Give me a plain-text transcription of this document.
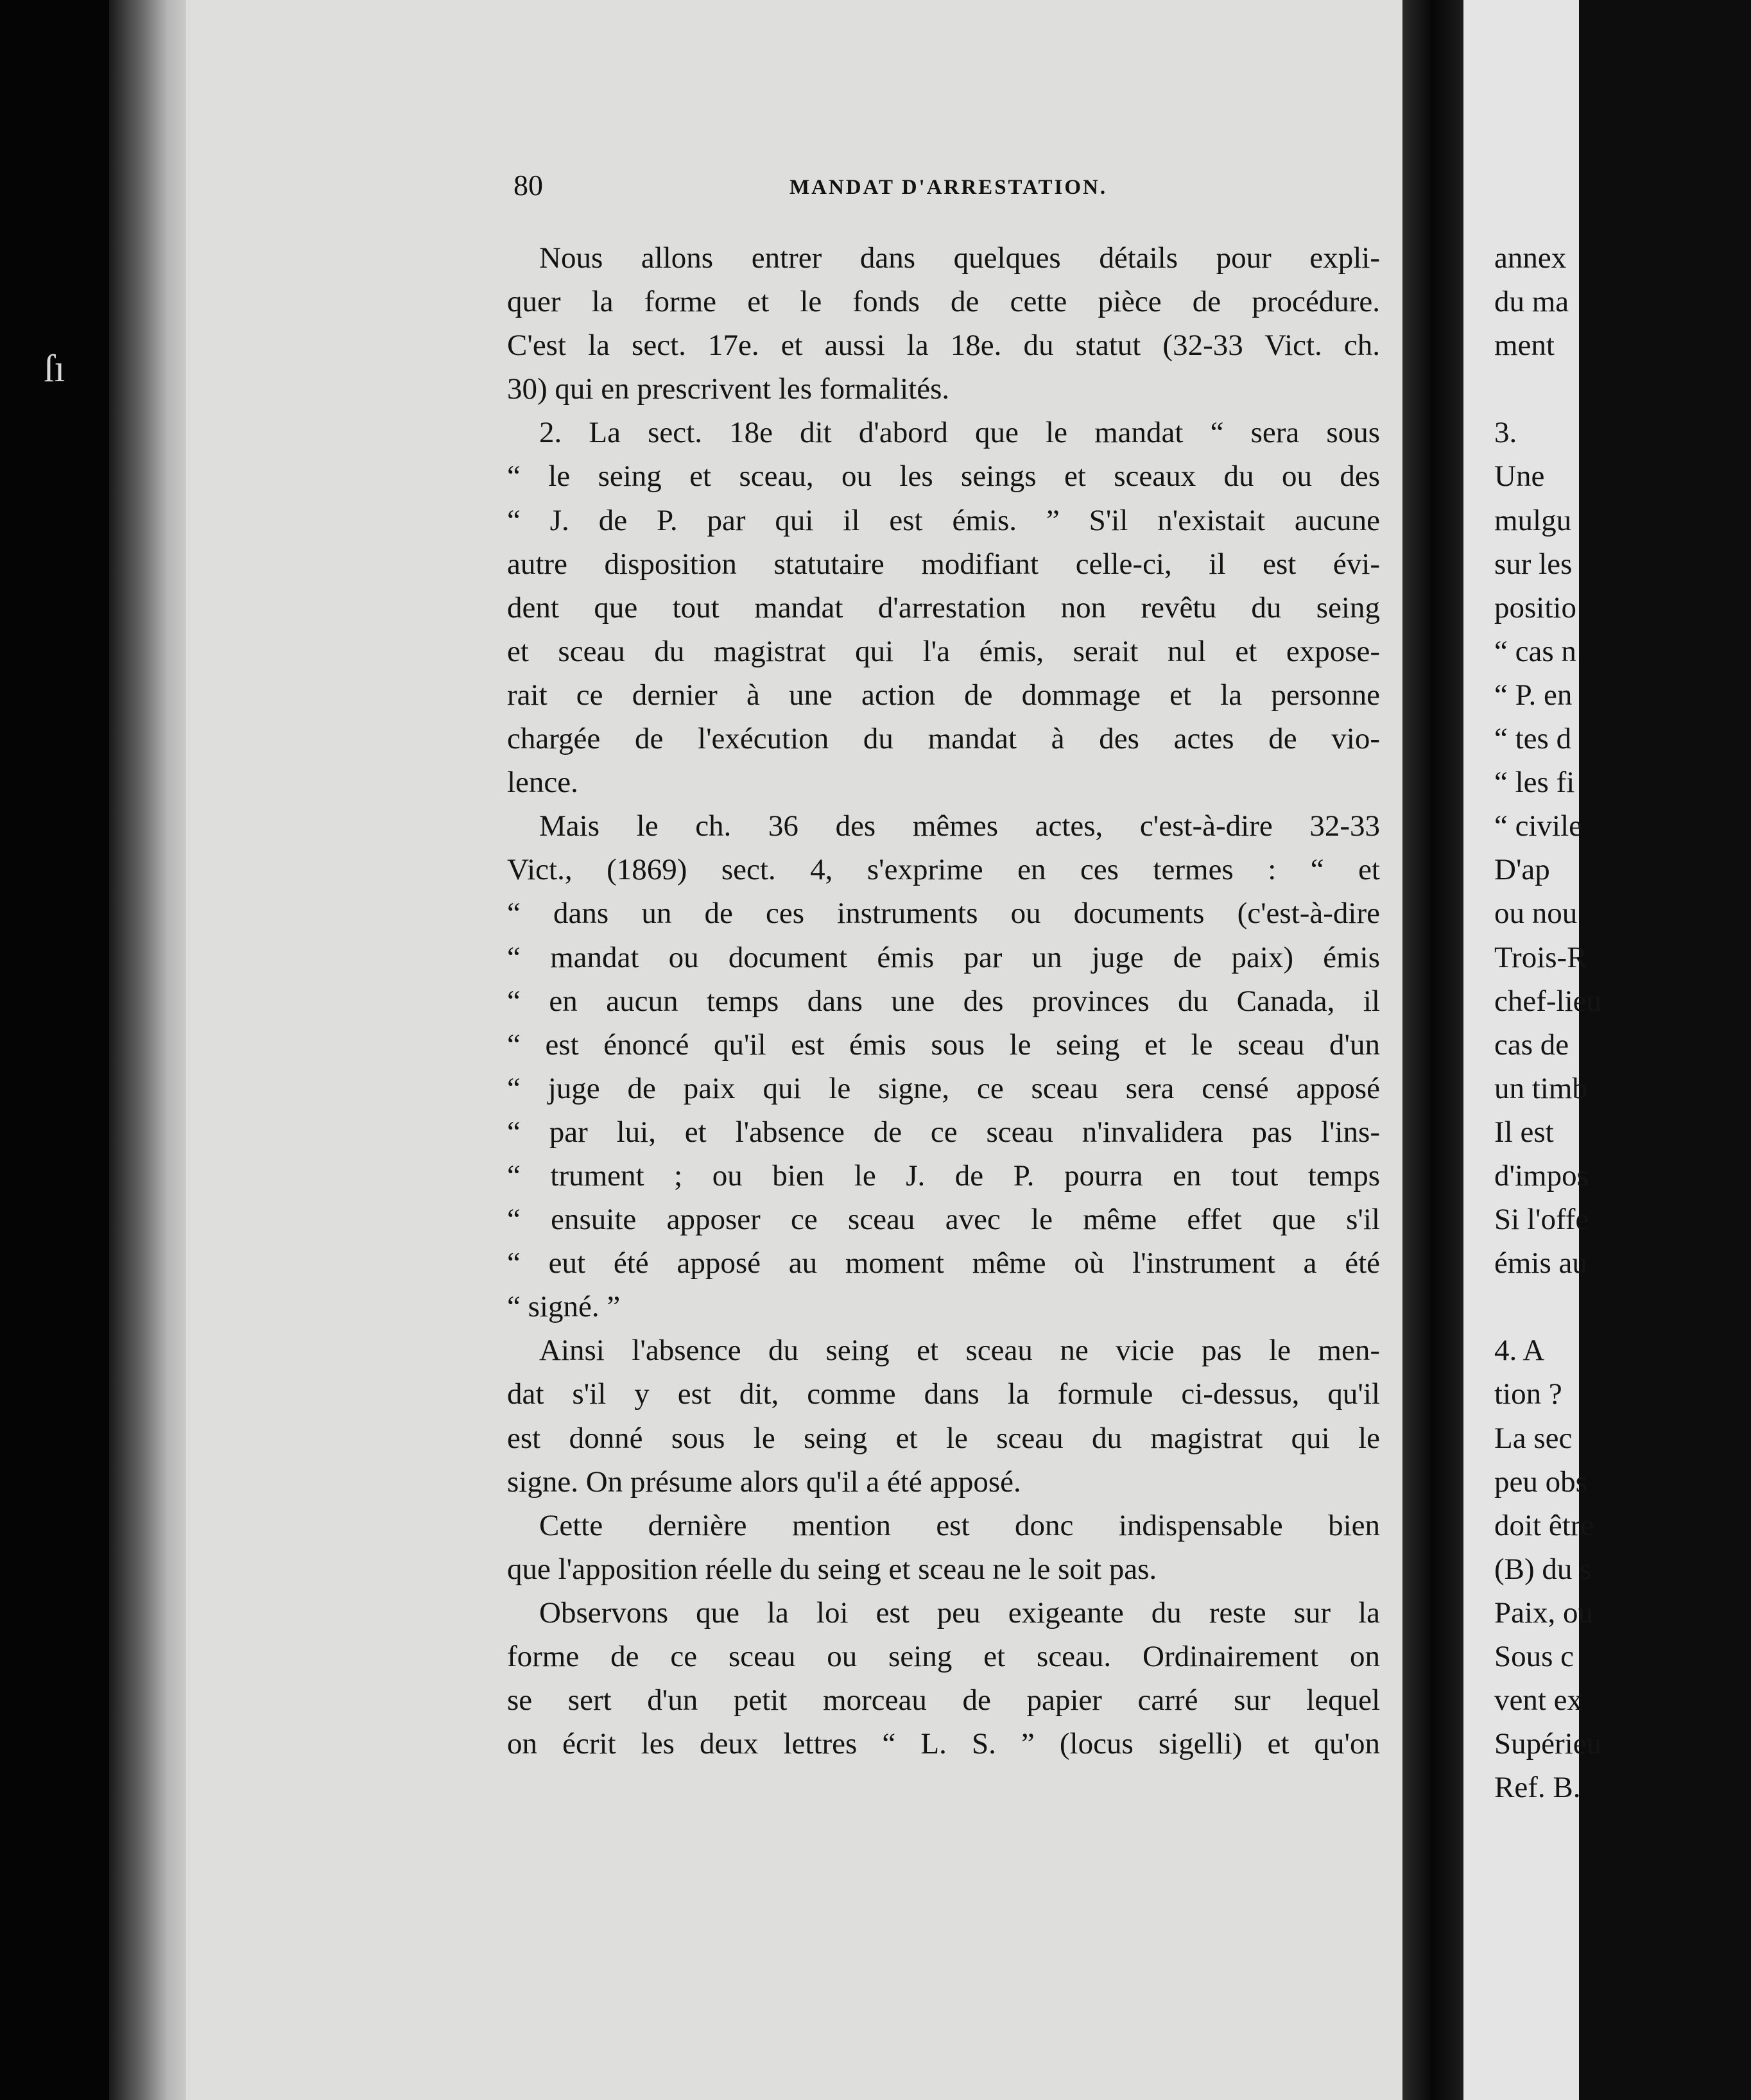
ſı
annex
du ma
ment
3.
Une
mulgu
sur les
positio
“ cas n
“ P. en
“ tes d
“ les fi
“ civile
D'ap
ou nou
Trois-R
chef-lieu
cas de
un timb
Il est
d'impos
Si l'offe
émis au
4. A
tion ?
La sec
peu obs
doit être
(B) du s
Paix, ou
Sous c
vent ex
Supérieu
Ref. B.
80	MANDAT D'ARRESTATION.
Nous allons entrer dans quelques détails pour expli-
quer la forme et le fonds de cette pièce de procédure.
C'est la sect. 17e. et aussi la 18e. du statut (32-33 Vict. ch.
30) qui en prescrivent les formalités.
2. La sect. 18e dit d'abord que le mandat “ sera sous
“ le seing et sceau, ou les seings et sceaux du ou des
“ J. de P. par qui il est émis. ” S'il n'existait aucune
autre disposition statutaire modifiant celle-ci, il est évi-
dent que tout mandat d'arrestation non revêtu du seing
et sceau du magistrat qui l'a émis, serait nul et expose-
rait ce dernier à une action de dommage et la personne
chargée de l'exécution du mandat à des actes de vio-
lence.
Mais le ch. 36 des mêmes actes, c'est-à-dire 32-33
Vict., (1869) sect. 4, s'exprime en ces termes : “ et
“ dans un de ces instruments ou documents (c'est-à-dire
“ mandat ou document émis par un juge de paix) émis
“ en aucun temps dans une des provinces du Canada, il
“ est énoncé qu'il est émis sous le seing et le sceau d'un
“ juge de paix qui le signe, ce sceau sera censé apposé
“ par lui, et l'absence de ce sceau n'invalidera pas l'ins-
“ trument ; ou bien le J. de P. pourra en tout temps
“ ensuite apposer ce sceau avec le même effet que s'il
“ eut été apposé au moment même où l'instrument a été
“ signé. ”
Ainsi l'absence du seing et sceau ne vicie pas le men-
dat s'il y est dit, comme dans la formule ci-dessus, qu'il
est donné sous le seing et le sceau du magistrat qui le
signe. On présume alors qu'il a été apposé.
Cette dernière mention est donc indispensable bien
que l'apposition réelle du seing et sceau ne le soit pas.
Observons que la loi est peu exigeante du reste sur la
forme de ce sceau ou seing et sceau. Ordinairement on
se sert d'un petit morceau de papier carré sur lequel
on écrit les deux lettres “ L. S. ” (locus sigelli) et qu'on
